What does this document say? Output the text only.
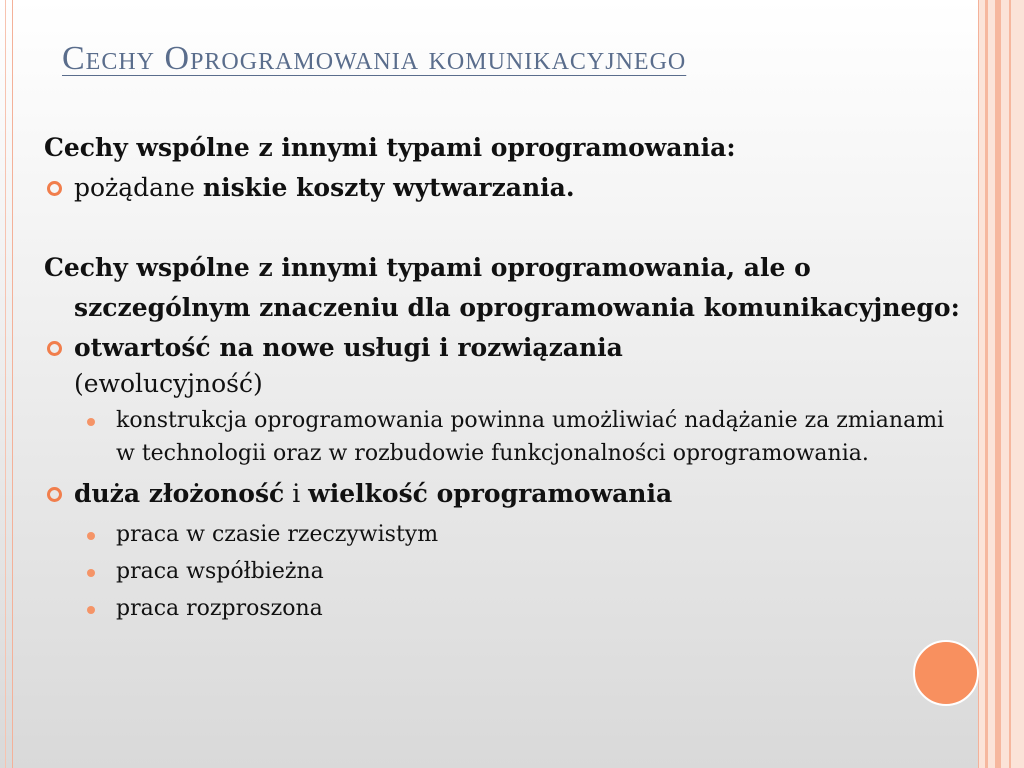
Cechy Oprogramowania komunikacyjnego

Cechy wspólne z innymi typami oprogramowania:

pożądane niskie koszty wytwarzania.

Cechy wspólne z innymi typami oprogramowania, ale o szczególnym znaczeniu dla oprogramowania komunikacyjnego:

otwartość na nowe usługi i rozwiązania
(ewolucyjność)

konstrukcja oprogramowania powinna umożliwiać nadążanie za zmianami w technologii oraz w rozbudowie funkcjonalności oprogramowania.

duża złożoność i wielkość oprogramowania

praca w czasie rzeczywistym

praca współbieżna

praca rozproszona
